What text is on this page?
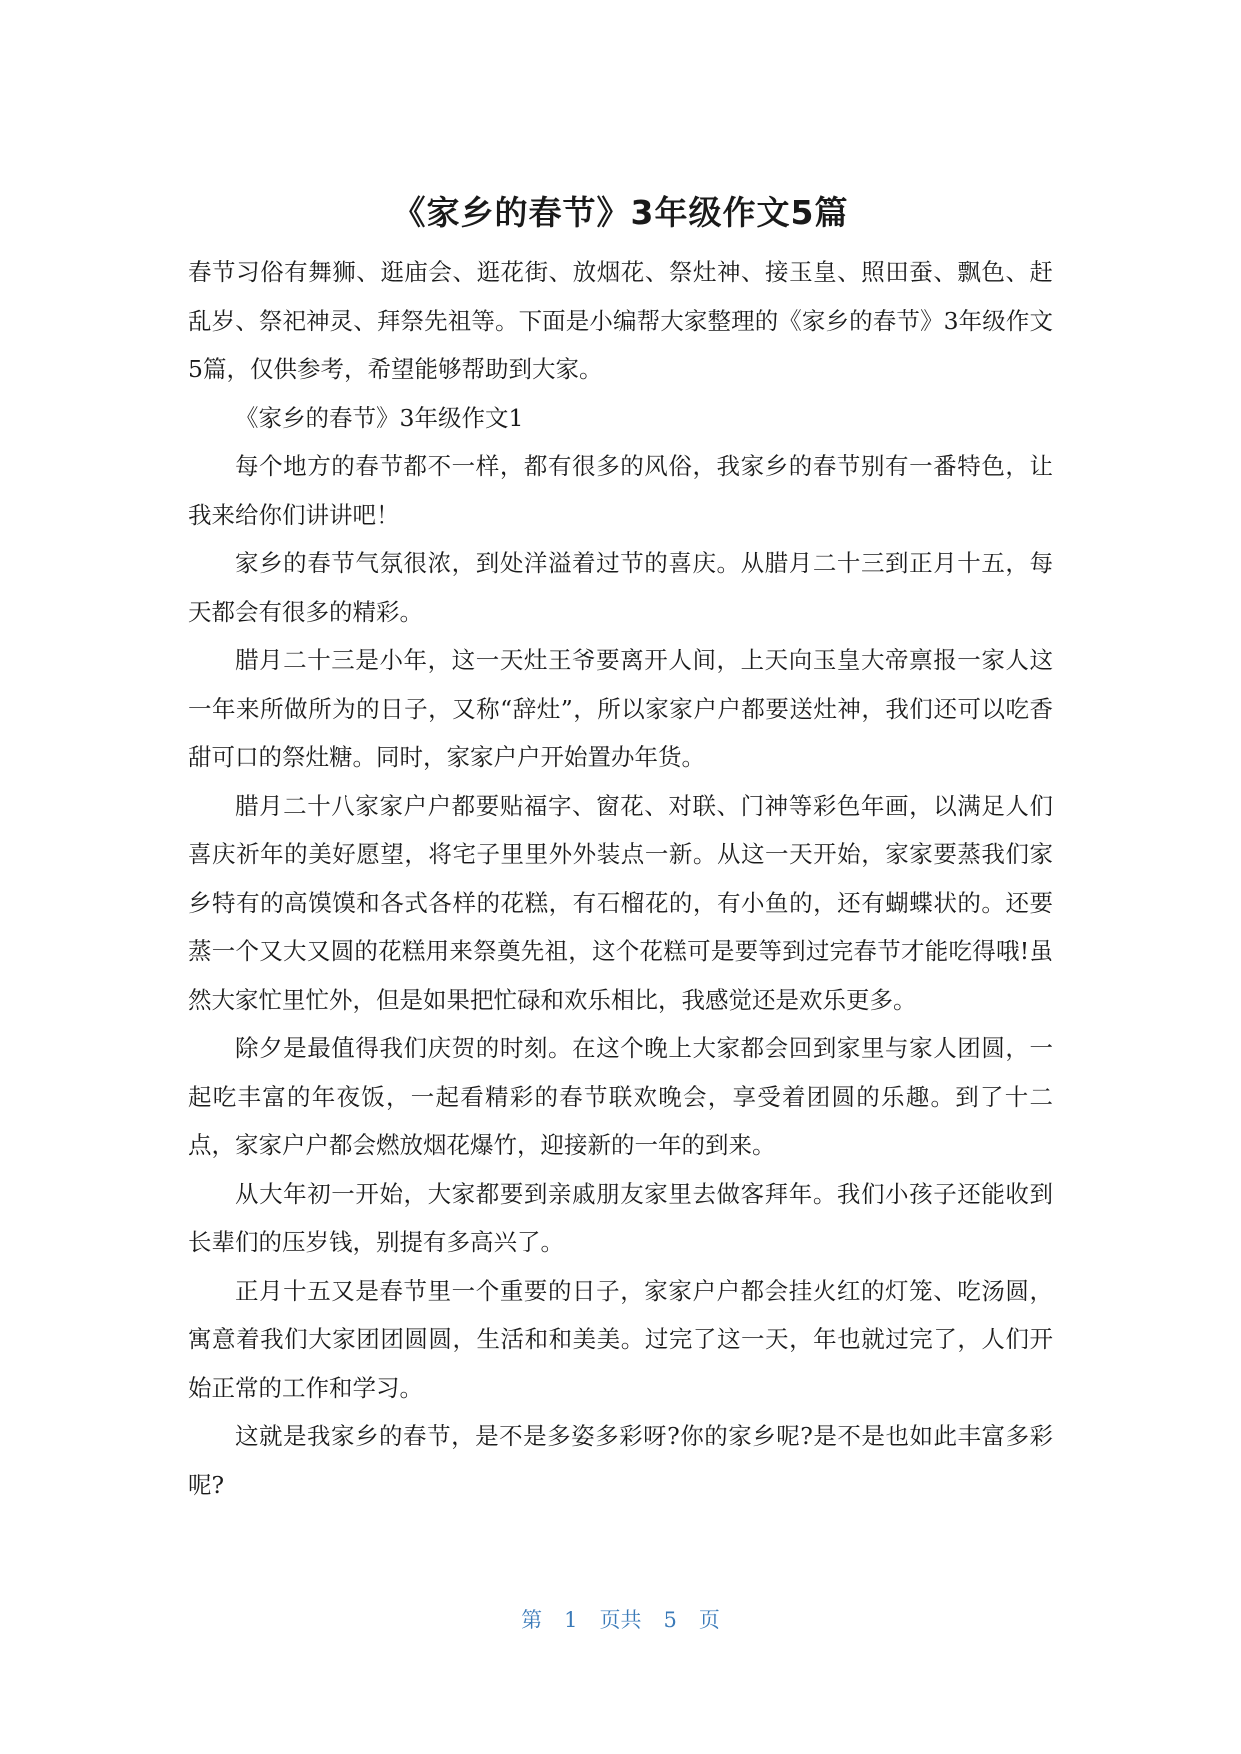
《家乡的春节》3年级作文5篇

春节习俗有舞狮、逛庙会、逛花街、放烟花、祭灶神、接玉皇、照田蚕、飘色、赶乱岁、祭祀神灵、拜祭先祖等。下面是小编帮大家整理的《家乡的春节》3年级作文5篇，仅供参考，希望能够帮助到大家。

《家乡的春节》3年级作文1

每个地方的春节都不一样，都有很多的风俗，我家乡的春节别有一番特色，让我来给你们讲讲吧！

家乡的春节气氛很浓，到处洋溢着过节的喜庆。从腊月二十三到正月十五，每天都会有很多的精彩。

腊月二十三是小年，这一天灶王爷要离开人间，上天向玉皇大帝禀报一家人这一年来所做所为的日子，又称“辞灶”，所以家家户户都要送灶神，我们还可以吃香甜可口的祭灶糖。同时，家家户户开始置办年货。

腊月二十八家家户户都要贴福字、窗花、对联、门神等彩色年画，以满足人们喜庆祈年的美好愿望，将宅子里里外外装点一新。从这一天开始，家家要蒸我们家乡特有的高馍馍和各式各样的花糕，有石榴花的，有小鱼的，还有蝴蝶状的。还要蒸一个又大又圆的花糕用来祭奠先祖，这个花糕可是要等到过完春节才能吃得哦!虽然大家忙里忙外，但是如果把忙碌和欢乐相比，我感觉还是欢乐更多。

除夕是最值得我们庆贺的时刻。在这个晚上大家都会回到家里与家人团圆，一起吃丰富的年夜饭，一起看精彩的春节联欢晚会，享受着团圆的乐趣。到了十二点，家家户户都会燃放烟花爆竹，迎接新的一年的到来。

从大年初一开始，大家都要到亲戚朋友家里去做客拜年。我们小孩子还能收到长辈们的压岁钱，别提有多高兴了。

正月十五又是春节里一个重要的日子，家家户户都会挂火红的灯笼、吃汤圆，寓意着我们大家团团圆圆，生活和和美美。过完了这一天，年也就过完了，人们开始正常的工作和学习。

这就是我家乡的春节，是不是多姿多彩呀?你的家乡呢?是不是也如此丰富多彩呢?

第 1 页共 5 页
